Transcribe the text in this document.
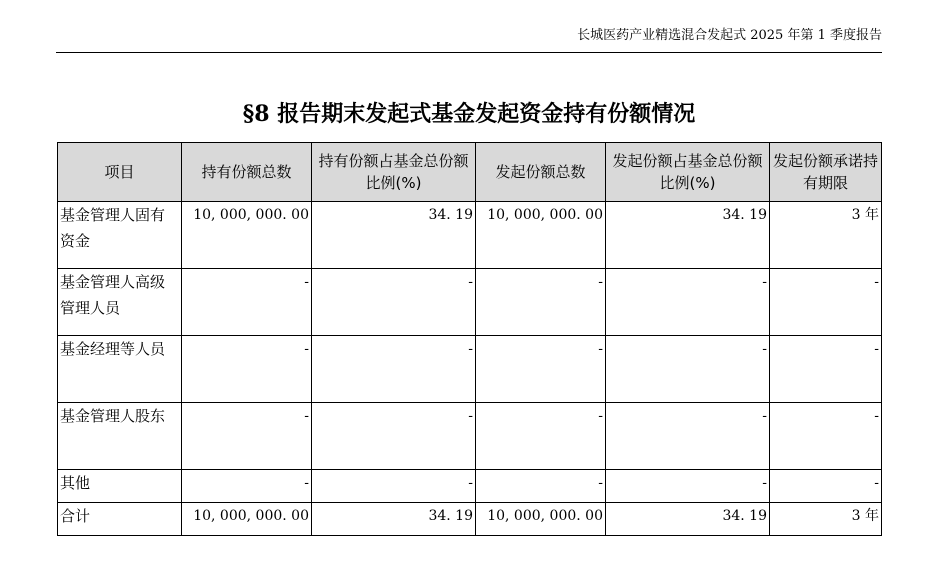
长城医药产业精选混合发起式 2025 年第 1 季度报告
§8 报告期末发起式基金发起资金持有份额情况
项目	持有份额总数	持有份额占基金总份额比例(%)	发起份额总数	发起份额占基金总份额比例(%)	发起份额承诺持有期限
基金管理人固有资金	10, 000, 000. 00	34. 19	10, 000, 000. 00	34. 19	3 年
基金管理人高级管理人员	-	-	-	-	-
基金经理等人员	-	-	-	-	-
基金管理人股东	-	-	-	-	-
其他	-	-	-	-	-
合计	10, 000, 000. 00	34. 19	10, 000, 000. 00	34. 19	3 年
